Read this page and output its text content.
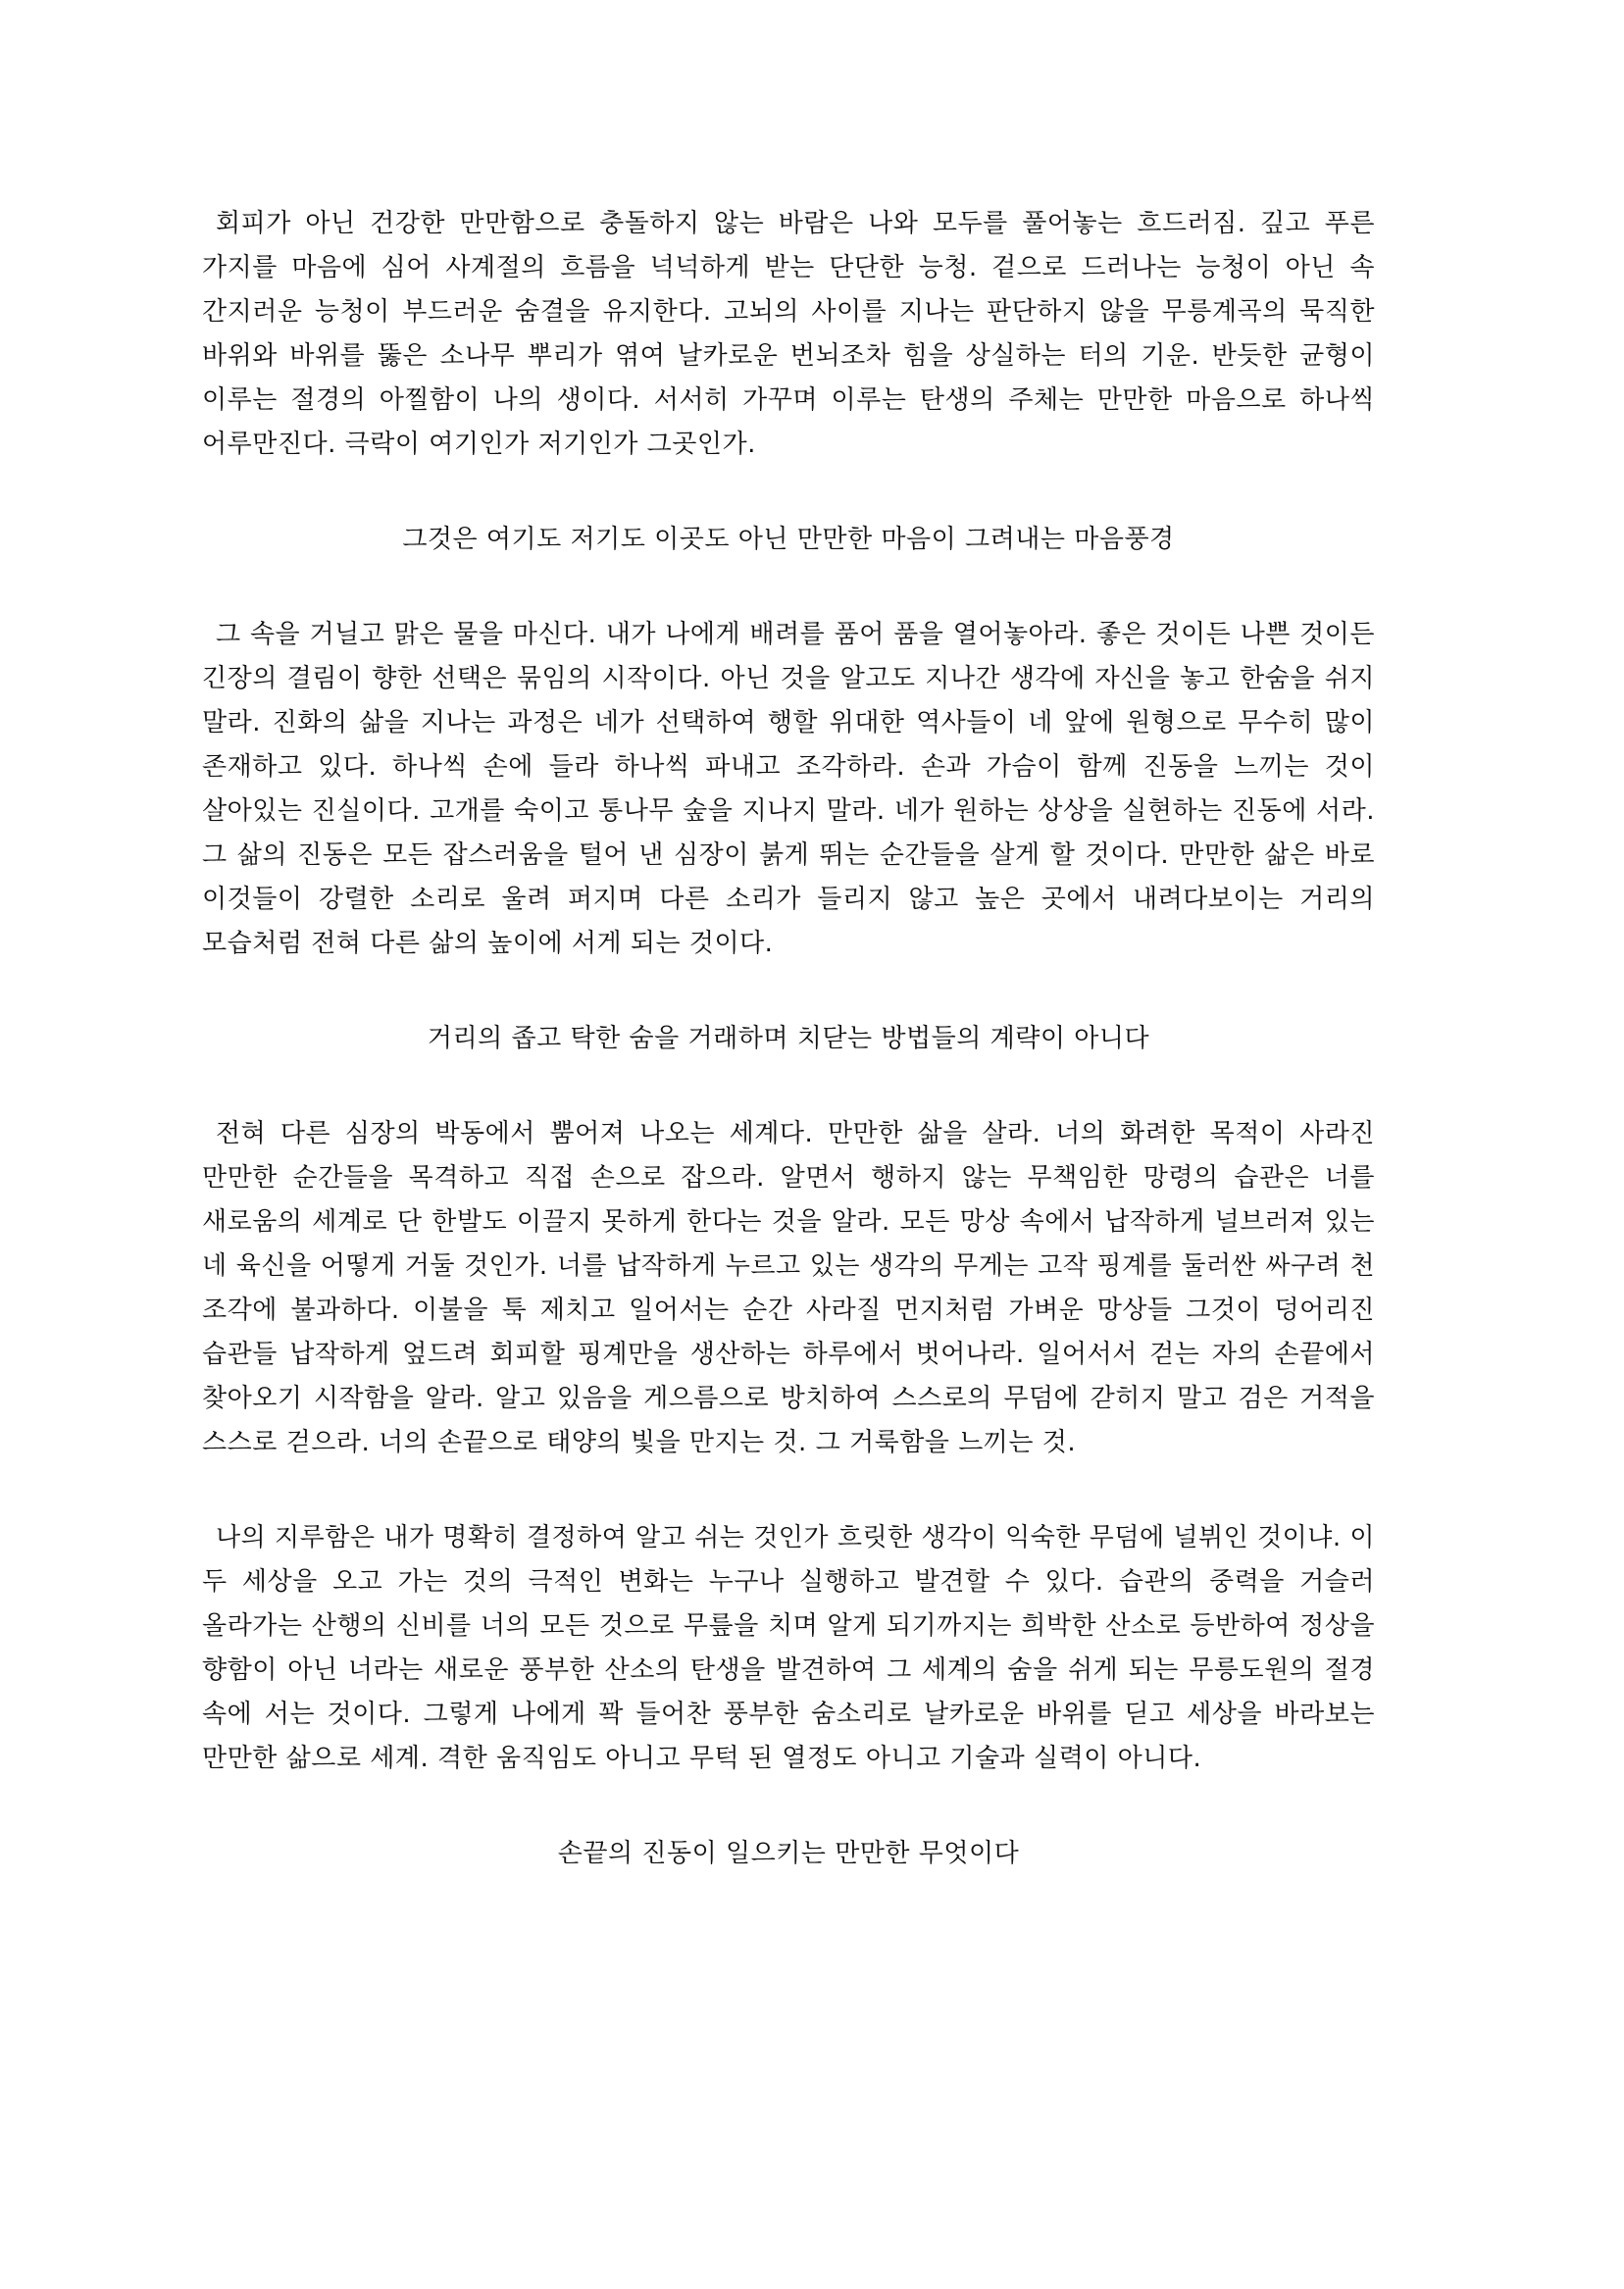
회피가 아닌 건강한 만만함으로 충돌하지 않는 바람은 나와 모두를 풀어놓는 흐드러짐. 깊고 푸른 가지를 마음에 심어 사계절의 흐름을 넉넉하게 받는 단단한 능청. 겉으로 드러나는 능청이 아닌 속 간지러운 능청이 부드러운 숨결을 유지한다. 고뇌의 사이를 지나는 판단하지 않을 무릉계곡의 묵직한 바위와 바위를 뚫은 소나무 뿌리가 엮여 날카로운 번뇌조차 힘을 상실하는 터의 기운. 반듯한 균형이 이루는 절경의 아찔함이 나의 생이다. 서서히 가꾸며 이루는 탄생의 주체는 만만한 마음으로 하나씩 어루만진다. 극락이 여기인가 저기인가 그곳인가.

그것은 여기도 저기도 이곳도 아닌 만만한 마음이 그려내는 마음풍경

그 속을 거닐고 맑은 물을 마신다. 내가 나에게 배려를 품어 품을 열어놓아라. 좋은 것이든 나쁜 것이든 긴장의 결림이 향한 선택은 묶임의 시작이다. 아닌 것을 알고도 지나간 생각에 자신을 놓고 한숨을 쉬지 말라. 진화의 삶을 지나는 과정은 네가 선택하여 행할 위대한 역사들이 네 앞에 원형으로 무수히 많이 존재하고 있다. 하나씩 손에 들라 하나씩 파내고 조각하라. 손과 가슴이 함께 진동을 느끼는 것이 살아있는 진실이다. 고개를 숙이고 통나무 숲을 지나지 말라. 네가 원하는 상상을 실현하는 진동에 서라. 그 삶의 진동은 모든 잡스러움을 털어 낸 심장이 붉게 뛰는 순간들을 살게 할 것이다. 만만한 삶은 바로 이것들이 강렬한 소리로 울려 퍼지며 다른 소리가 들리지 않고 높은 곳에서 내려다보이는 거리의 모습처럼 전혀 다른 삶의 높이에 서게 되는 것이다.

거리의 좁고 탁한 숨을 거래하며 치닫는 방법들의 계략이 아니다

전혀 다른 심장의 박동에서 뿜어져 나오는 세계다. 만만한 삶을 살라. 너의 화려한 목적이 사라진 만만한 순간들을 목격하고 직접 손으로 잡으라. 알면서 행하지 않는 무책임한 망령의 습관은 너를 새로움의 세계로 단 한발도 이끌지 못하게 한다는 것을 알라. 모든 망상 속에서 납작하게 널브러져 있는 네 육신을 어떻게 거둘 것인가. 너를 납작하게 누르고 있는 생각의 무게는 고작 핑계를 둘러싼 싸구려 천 조각에 불과하다. 이불을 툭 제치고 일어서는 순간 사라질 먼지처럼 가벼운 망상들 그것이 덩어리진 습관들 납작하게 엎드려 회피할 핑계만을 생산하는 하루에서 벗어나라. 일어서서 걷는 자의 손끝에서 찾아오기 시작함을 알라. 알고 있음을 게으름으로 방치하여 스스로의 무덤에 갇히지 말고 검은 거적을 스스로 걷으라. 너의 손끝으로 태양의 빛을 만지는 것. 그 거룩함을 느끼는 것.

나의 지루함은 내가 명확히 결정하여 알고 쉬는 것인가 흐릿한 생각이 익숙한 무덤에 널뷔인 것이냐. 이 두 세상을 오고 가는 것의 극적인 변화는 누구나 실행하고 발견할 수 있다. 습관의 중력을 거슬러 올라가는 산행의 신비를 너의 모든 것으로 무릎을 치며 알게 되기까지는 희박한 산소로 등반하여 정상을 향함이 아닌 너라는 새로운 풍부한 산소의 탄생을 발견하여 그 세계의 숨을 쉬게 되는 무릉도원의 절경 속에 서는 것이다. 그렇게 나에게 꽉 들어찬 풍부한 숨소리로 날카로운 바위를 딛고 세상을 바라보는 만만한 삶으로 세계. 격한 움직임도 아니고 무턱 된 열정도 아니고 기술과 실력이 아니다.

손끝의 진동이 일으키는 만만한 무엇이다
